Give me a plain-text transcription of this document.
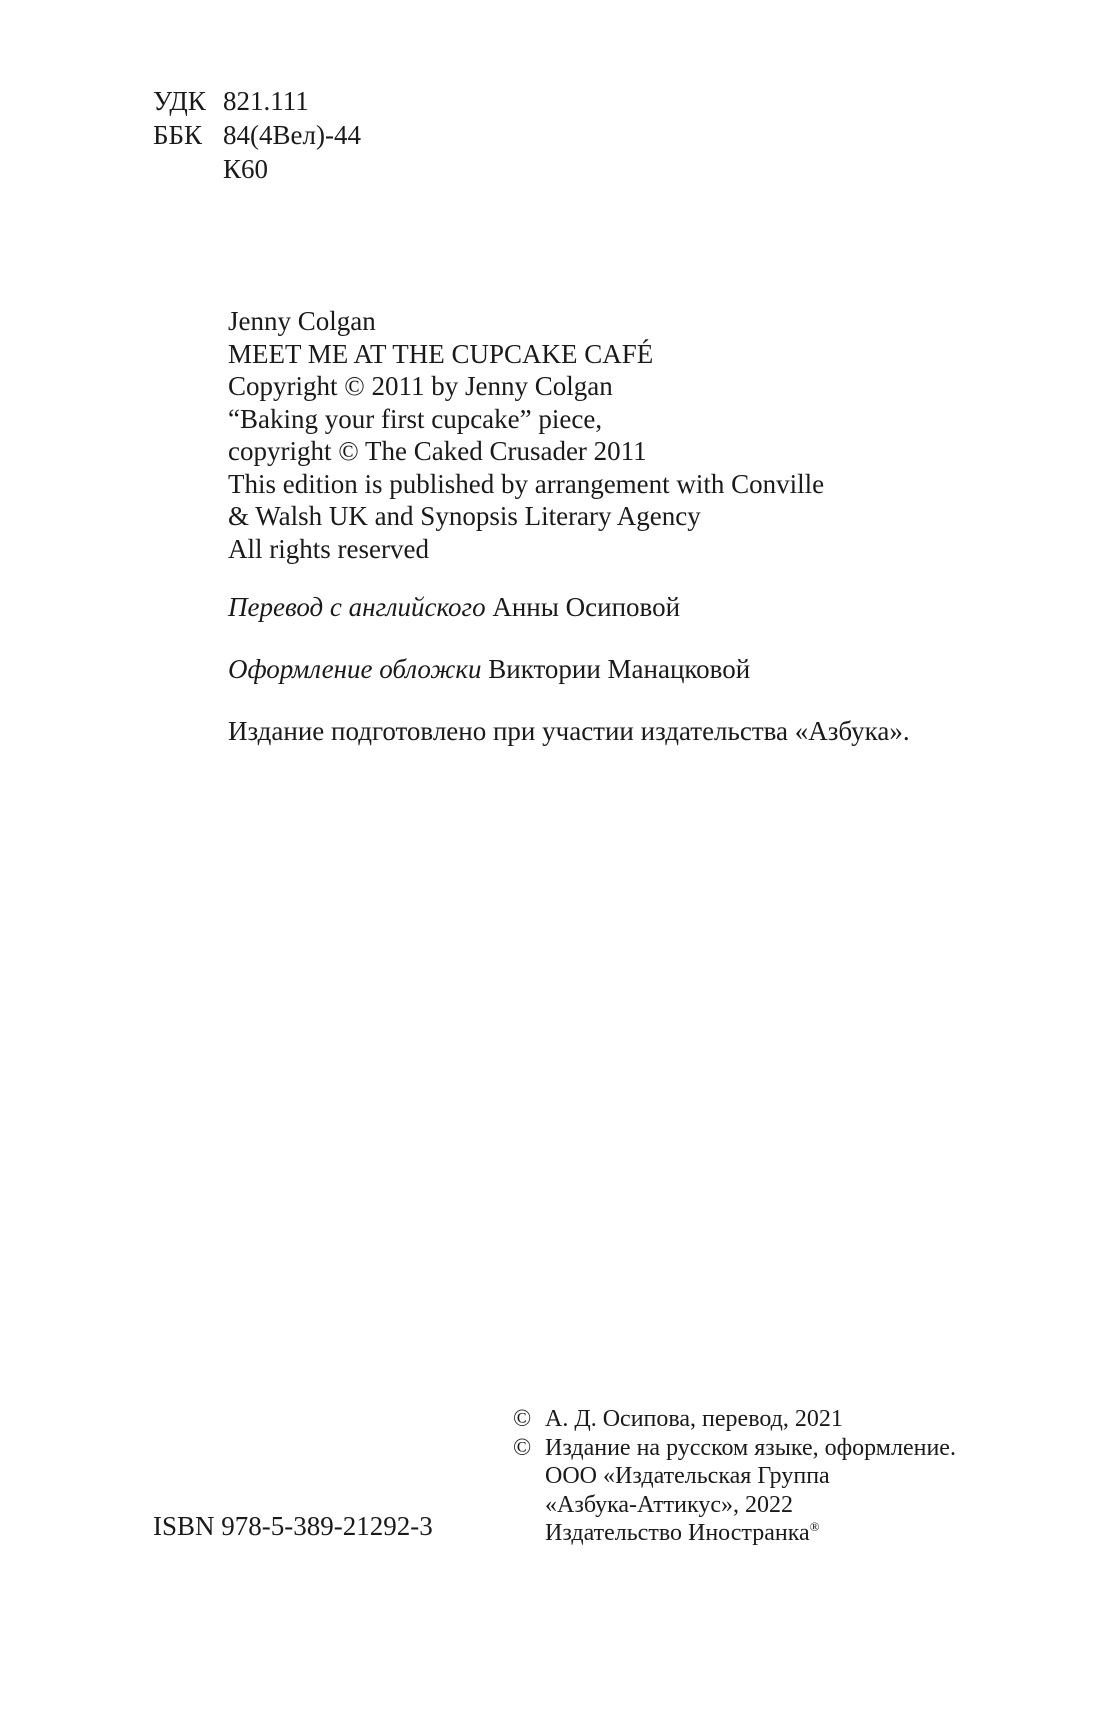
УДК 821.111
ББК 84(4Вел)-44
К60
Jenny Colgan
MEET ME AT THE CUPCAKE CAFÉ
Copyright © 2011 by Jenny Colgan
“Baking your first cupcake” piece,
copyright © The Caked Crusader 2011
This edition is published by arrangement with Conville
& Walsh UK and Synopsis Literary Agency
All rights reserved
Перевод с английского Анны Осиповой
Оформление обложки Виктории Манацковой
Издание подготовлено при участии издательства «Азбука».
© А. Д. Осипова, перевод, 2021
© Издание на русском языке, оформление.
ООО «Издательская Группа
«Азбука-Аттикус», 2022
Издательство Иностранка®
ISBN 978-5-389-21292-3
